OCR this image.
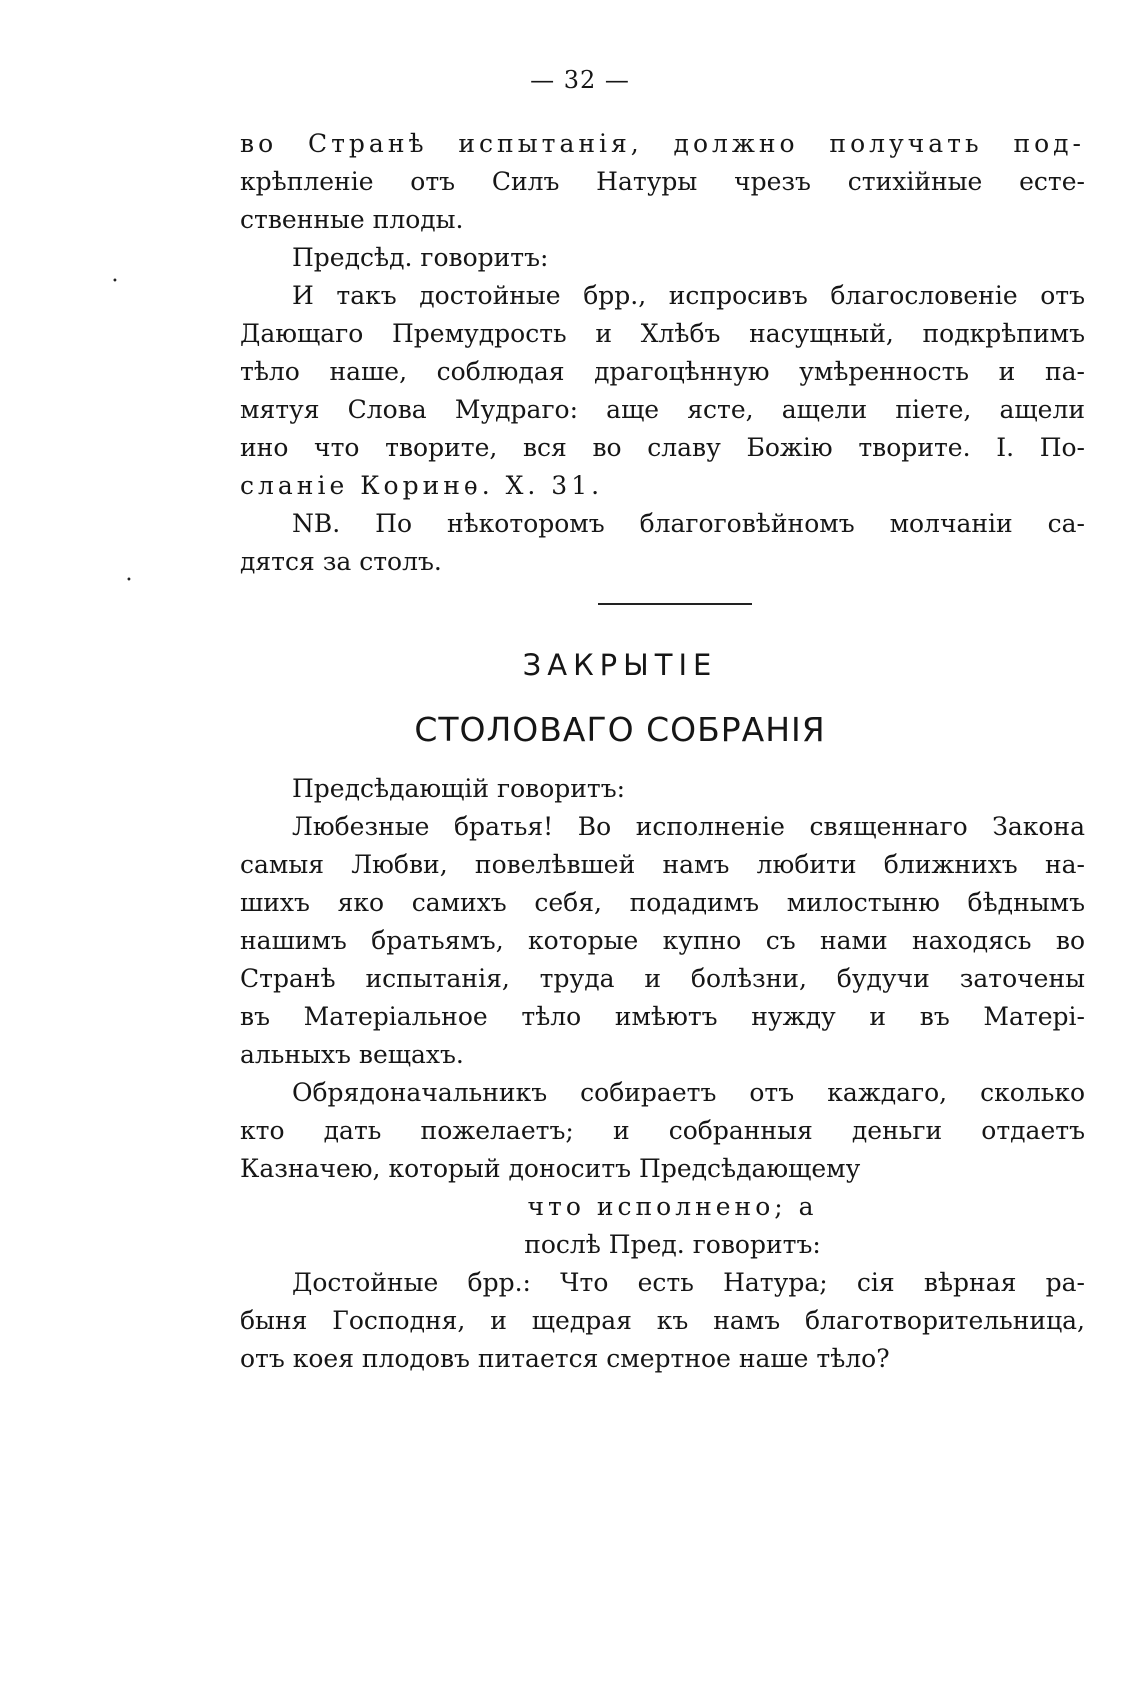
— 32 —
•
•
во Странѣ испытанія, должно получать под-
крѣпленіе отъ Силъ Натуры чрезъ стихійные есте-
ственные плоды.
Предсѣд. говоритъ:
И такъ достойные брр., испросивъ благословеніе отъ
Дающаго Премудрость и Хлѣбъ насущный, подкрѣпимъ
тѣло наше, соблюдая драгоцѣнную умѣренность и па-
мятуя Слова Мудраго: аще ясте, ащели піете, ащели
ино что творите, вся во славу Божію творите. I. По-
сланіе Коринѳ. X. 31.
NB. По нѣкоторомъ благоговѣйномъ молчаніи са-
дятся за столъ.
ЗАКРЫТІЕ
СТОЛОВАГО СОБРАНІЯ
Предсѣдающій говоритъ:
Любезные братья! Во исполненіе священнаго Закона
самыя Любви, повелѣвшей намъ любити ближнихъ на-
шихъ яко самихъ себя, подадимъ милостыню бѣднымъ
нашимъ братьямъ, которые купно съ нами находясь во
Странѣ испытанія, труда и болѣзни, будучи заточены
въ Матеріальное тѣло имѣютъ нужду и въ Матері-
альныхъ вещахъ.
Обрядоначальникъ собираетъ отъ каждаго, сколько
кто дать пожелаетъ; и собранныя деньги отдаетъ
Казначею, который доноситъ Предсѣдающему
что исполнено; а
послѣ Пред. говоритъ:
Достойные брр.: Что есть Натура; сія вѣрная ра-
быня Господня, и щедрая къ намъ благотворительница,
отъ коея плодовъ питается смертное наше тѣло?
